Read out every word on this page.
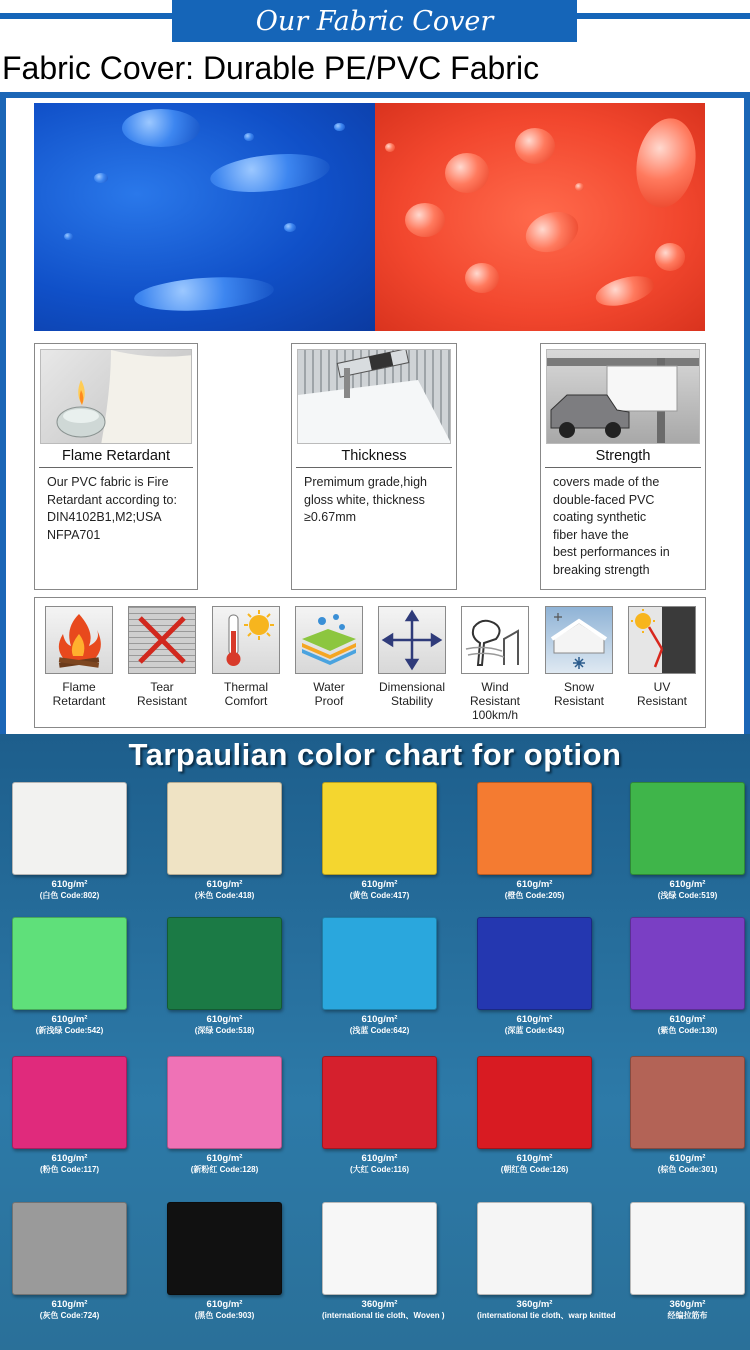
Our Fabric Cover
Fabric Cover: Durable PE/PVC Fabric
Flame Retardant
Our PVC fabric is Fire
Retardant according to:
DIN4102B1,M2;USA
NFPA701
Thickness
Premimum grade,high
gloss white, thickness
≥0.67mm
Strength
covers made of the
double-faced PVC
coating synthetic
fiber have the
best performances in
breaking strength
Flame
Retardant
Tear
Resistant
Thermal
Comfort
Water
Proof
Dimensional
Stability
Wind
Resistant
100km/h
Snow
Resistant
UV
Resistant
Tarpaulian color chart for option
610g/m²
(白色 Code:802)
610g/m²
(米色 Code:418)
610g/m²
(黄色 Code:417)
610g/m²
(橙色 Code:205)
610g/m²
(浅绿 Code:519)
610g/m²
(新浅绿 Code:542)
610g/m²
(深绿 Code:518)
610g/m²
(浅蓝 Code:642)
610g/m²
(深蓝 Code:643)
610g/m²
(紫色 Code:130)
610g/m²
(粉色 Code:117)
610g/m²
(新粉红 Code:128)
610g/m²
(大红 Code:116)
610g/m²
(朝红色 Code:126)
610g/m²
(棕色 Code:301)
610g/m²
(灰色 Code:724)
610g/m²
(黑色 Code:903)
360g/m²
(international tie cloth、Woven )
360g/m²
(international tie cloth、warp knitted
360g/m²
经编拉筋布
